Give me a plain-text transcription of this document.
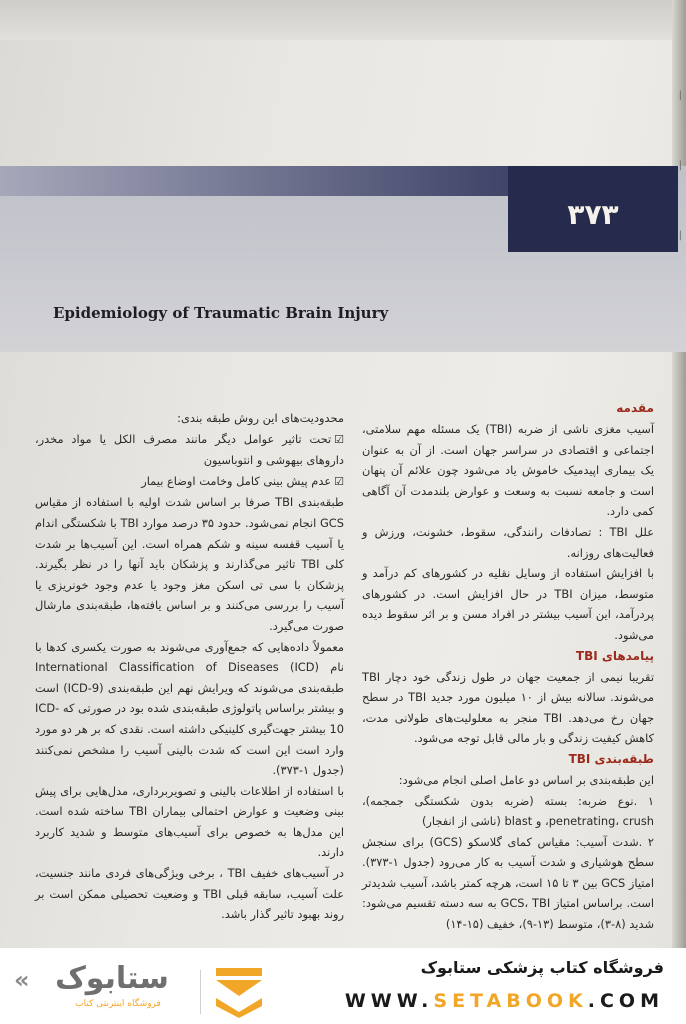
۳۷۳
Epidemiology of Traumatic Brain Injury

مقدمه

آسیب مغزی ناشی از ضربه (TBI) یک مسئله مهم سلامتی، اجتماعی و اقتصادی در سراسر جهان است. از آن به عنوان یک بیماری اپیدمیک خاموش یاد می‌شود چون علائم آن پنهان است و جامعه نسبت به وسعت و عوارض بلندمدت آن آگاهی کمی دارد.

علل TBI : تصادفات رانندگی، سقوط، خشونت، ورزش و فعالیت‌های روزانه.

با افزایش استفاده از وسایل نقلیه در کشورهای کم درآمد و متوسط، میزان TBI در حال افزایش است. در کشورهای پردرآمد، این آسیب بیشتر در افراد مسن و بر اثر سقوط دیده می‌شود.

پیامدهای TBI

تقریبا نیمی از جمعیت جهان در طول زندگی خود دچار TBI می‌شوند. سالانه بیش از ۱۰ میلیون مورد جدید TBI در سطح جهان رخ می‌دهد. TBI منجر به معلولیت‌های طولانی مدت، کاهش کیفیت زندگی و بار مالی قابل توجه می‌شود.

طبقه‌بندی TBI

این طبقه‌بندی بر اساس دو عامل اصلی انجام می‌شود:

۱ .نوع ضربه: بسته (ضربه بدون شکستگی جمجمه)، penetrating، crush، و blast (ناشی از انفجار)

۲ .شدت آسیب: مقیاس کمای گلاسکو (GCS) برای سنجش سطح هوشیاری و شدت آسیب به کار می‌رود (جدول ۱-۳۷۳). امتیاز GCS بین ۳ تا ۱۵ است، هرچه کمتر باشد، آسیب شدیدتر است. براساس امتیاز GCS، TBI به سه دسته تقسیم می‌شود: شدید (۸-۳)، متوسط (۱۳-۹)، خفیف (۱۵-۱۴)

محدودیت‌های این روش طبقه بندی:

☑تحت تاثیر عوامل دیگر مانند مصرف الکل یا مواد مخدر، داروهای بیهوشی و انتوباسیون

☑عدم پیش بینی کامل وخامت اوضاع بیمار

طبقه‌بندی TBI صرفا بر اساس شدت اولیه با استفاده از مقیاس GCS انجام نمی‌شود. حدود ۳۵ درصد موارد TBI با شکستگی اندام یا آسیب قفسه سینه و شکم همراه است. این آسیب‌ها بر شدت کلی TBI تاثیر می‌گذارند و پزشکان باید آنها را در نظر بگیرند. پزشکان با سی تی اسکن مغز وجود یا عدم وجود خونریزی یا آسیب را بررسی می‌کنند و بر اساس یافته‌ها، طبقه‌بندی مارشال صورت می‌گیرد.

معمولاً داده‌هایی که جمع‌آوری می‌شوند به صورت یکسری کدها با نام International Classification of Diseases (ICD) طبقه‌بندی می‌شوند که ویرایش نهم این طبقه‌بندی (ICD-9) است و بیشتر براساس پاتولوژی طبقه‌بندی شده بود در صورتی که ICD-10 بیشتر جهت‌گیری کلینیکی داشته است. نقدی که بر هر دو مورد وارد است این است که شدت بالینی آسیب را مشخص نمی‌کنند (جدول ۱-۳۷۳).

با استفاده از اطلاعات بالینی و تصویربرداری، مدل‌هایی برای پیش بینی وضعیت و عوارض احتمالی بیماران TBI ساخته شده است. این مدل‌ها به خصوص برای آسیب‌های متوسط و شدید کاربرد دارند.

در آسیب‌های خفیف TBI ، برخی ویژگی‌های فردی مانند جنسیت، علت آسیب، سابقه قبلی TBI و وضعیت تحصیلی ممکن است بر روند بهبود تاثیر گذار باشد.

|
|
|
« ستابوک
فروشگاه اینترنتی کتاب
فروشگاه کتاب پزشکی ستابوک
WWW.SETABOOK.COM
